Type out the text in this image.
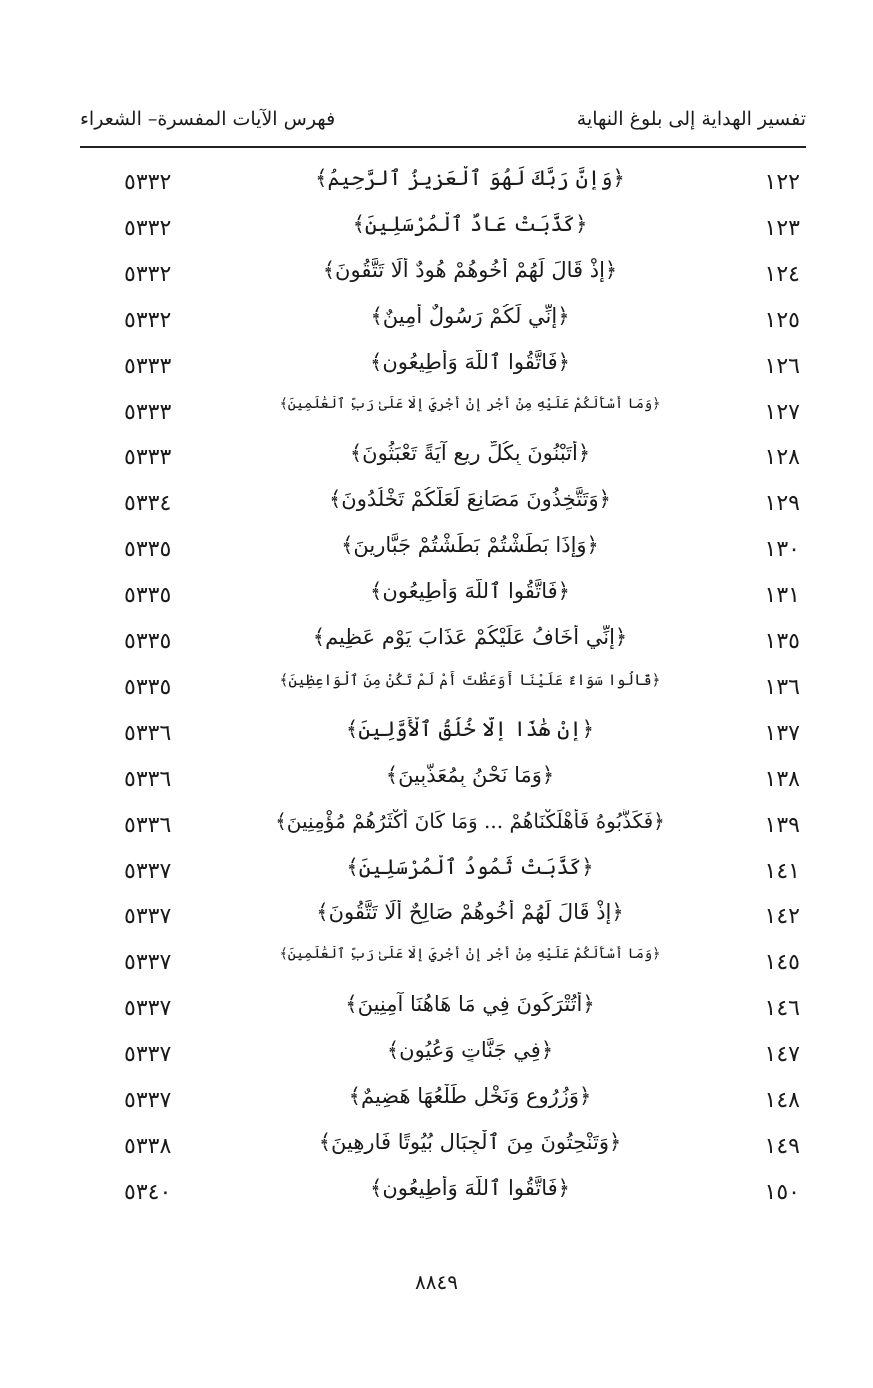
تفسير الهداية إلى بلوغ النهاية
فهرس الآيات المفسرة– الشعراء
١٢٢
﴿وَإِنَّ رَبَّكَ لَهُوَ ٱلْعَزِيزُ ٱلرَّحِيمُ﴾
٥٣٣٢
١٢٣
﴿كَذَّبَتْ عَادٌ ٱلْمُرْسَلِينَ﴾
٥٣٣٢
١٢٤
﴿إِذْ قَالَ لَهُمْ أَخُوهُمْ هُودٌ أَلَا تَتَّقُونَ﴾
٥٣٣٢
١٢٥
﴿إِنِّي لَكُمْ رَسُولٌ أَمِينٌ﴾
٥٣٣٢
١٢٦
﴿فَاتَّقُوا ٱللَّهَ وَأَطِيعُونِ﴾
٥٣٣٣
١٢٧
﴿وَمَا أَسْأَلُكُمْ عَلَيْهِ مِنْ أَجْرٍ إِنْ أَجْرِيَ إِلَّا عَلَىٰ رَبِّ ٱلْعَٰلَمِينَ﴾
٥٣٣٣
١٢٨
﴿أَتَبْنُونَ بِكُلِّ رِيعٍ آيَةً تَعْبَثُونَ﴾
٥٣٣٣
١٢٩
﴿وَتَتَّخِذُونَ مَصَانِعَ لَعَلَّكُمْ تَخْلُدُونَ﴾
٥٣٣٤
١٣٠
﴿وَإِذَا بَطَشْتُمْ بَطَشْتُمْ جَبَّارِينَ﴾
٥٣٣٥
١٣١
﴿فَاتَّقُوا ٱللَّهَ وَأَطِيعُونِ﴾
٥٣٣٥
١٣٥
﴿إِنِّي أَخَافُ عَلَيْكُمْ عَذَابَ يَوْمٍ عَظِيمٍ﴾
٥٣٣٥
١٣٦
﴿قَالُوا سَوَاءٌ عَلَيْنَا أَوَعَظْتَ أَمْ لَمْ تَكُنْ مِنَ ٱلْوَاعِظِينَ﴾
٥٣٣٥
١٣٧
﴿إِنْ هَٰذَا إِلَّا خُلُقُ ٱلْأَوَّلِينَ﴾
٥٣٣٦
١٣٨
﴿وَمَا نَحْنُ بِمُعَذَّبِينَ﴾
٥٣٣٦
١٣٩
﴿فَكَذَّبُوهُ فَأَهْلَكْنَاهُمْ ... وَمَا كَانَ أَكْثَرُهُمْ مُؤْمِنِينَ﴾
٥٣٣٦
١٤١
﴿كَذَّبَتْ ثَمُودُ ٱلْمُرْسَلِينَ﴾
٥٣٣٧
١٤٢
﴿إِذْ قَالَ لَهُمْ أَخُوهُمْ صَالِحٌ أَلَا تَتَّقُونَ﴾
٥٣٣٧
١٤٥
﴿وَمَا أَسْأَلُكُمْ عَلَيْهِ مِنْ أَجْرٍ إِنْ أَجْرِيَ إِلَّا عَلَىٰ رَبِّ ٱلْعَٰلَمِينَ﴾
٥٣٣٧
١٤٦
﴿أَتُتْرَكُونَ فِي مَا هَاهُنَا آمِنِينَ﴾
٥٣٣٧
١٤٧
﴿فِي جَنَّاتٍ وَعُيُونٍ﴾
٥٣٣٧
١٤٨
﴿وَزُرُوعٍ وَنَخْلٍ طَلْعُهَا هَضِيمٌ﴾
٥٣٣٧
١٤٩
﴿وَتَنْحِتُونَ مِنَ ٱلْجِبَالِ بُيُوتًا فَارِهِينَ﴾
٥٣٣٨
١٥٠
﴿فَاتَّقُوا ٱللَّهَ وَأَطِيعُونِ﴾
٥٣٤٠
٨٨٤٩
